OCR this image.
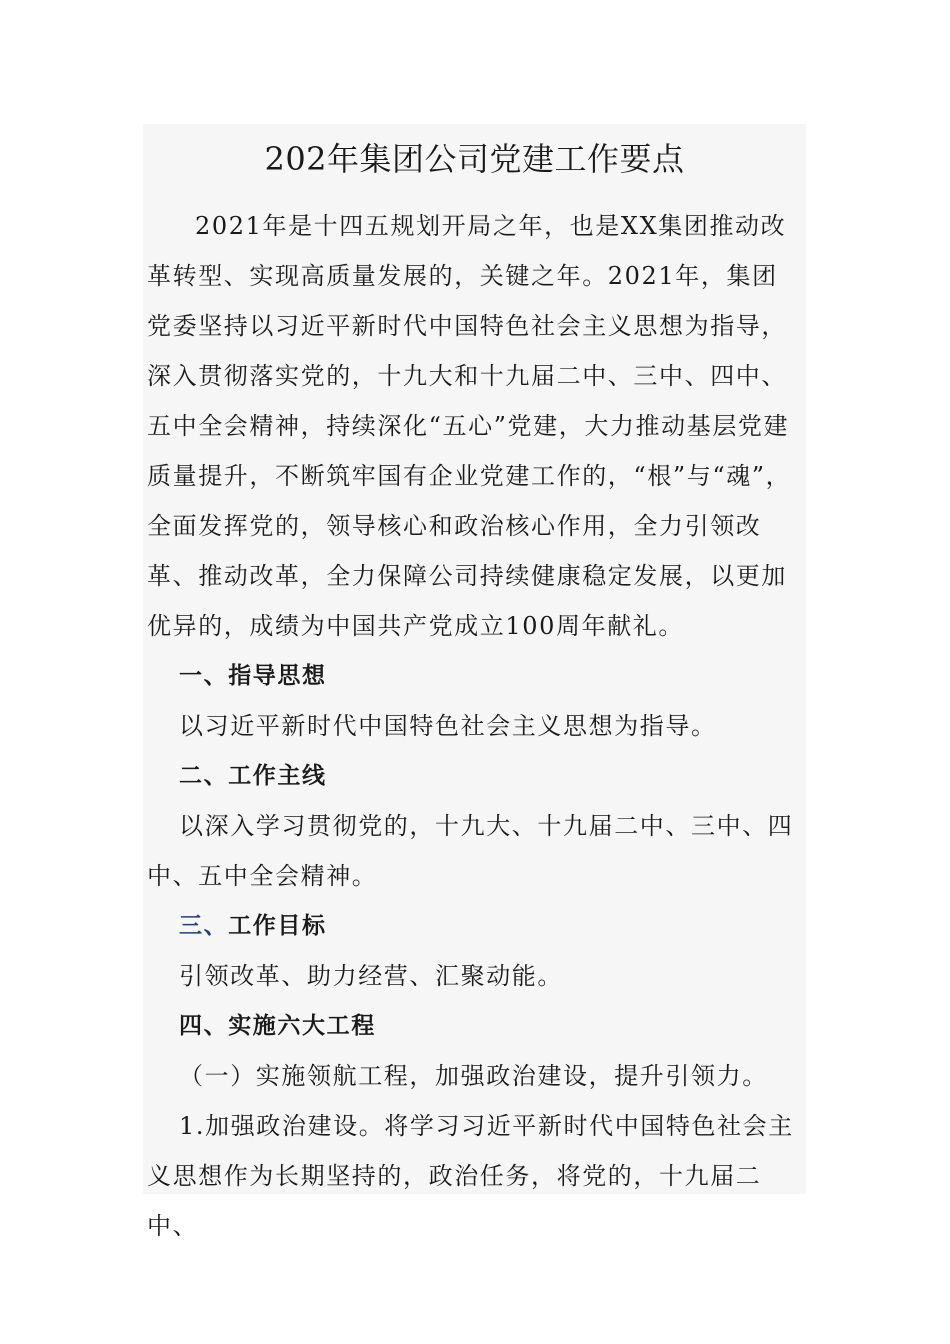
202年集团公司党建工作要点

2021年是十四五规划开局之年，也是XX集团推动改革转型、实现高质量发展的，关键之年。2021年，集团党委坚持以习近平新时代中国特色社会主义思想为指导，深入贯彻落实党的，十九大和十九届二中、三中、四中、五中全会精神，持续深化“五心”党建，大力推动基层党建质量提升，不断筑牢国有企业党建工作的，“根”与“魂”，全面发挥党的，领导核心和政治核心作用，全力引领改革、推动改革，全力保障公司持续健康稳定发展，以更加优异的，成绩为中国共产党成立100周年献礼。

一、指导思想

以习近平新时代中国特色社会主义思想为指导。

二、工作主线

以深入学习贯彻党的，十九大、十九届二中、三中、四中、五中全会精神。

三、工作目标

引领改革、助力经营、汇聚动能。

四、实施六大工程

（一）实施领航工程，加强政治建设，提升引领力。

1.加强政治建设。将学习习近平新时代中国特色社会主义思想作为长期坚持的，政治任务，将党的，十九届二中、
